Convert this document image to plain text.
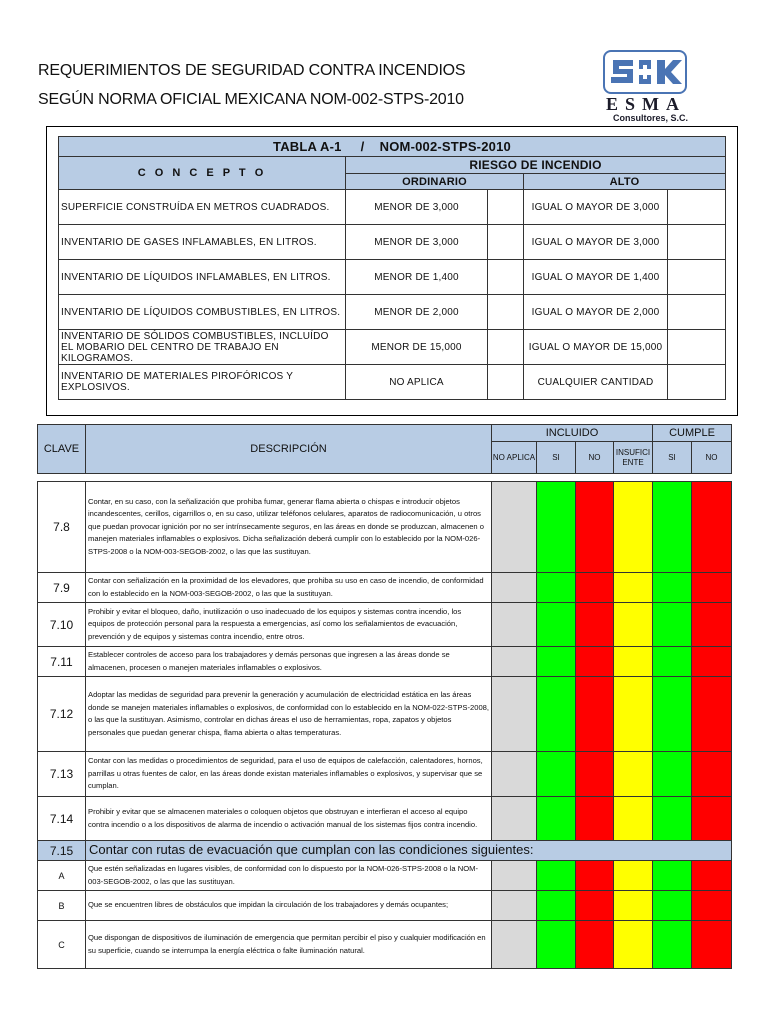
REQUERIMIENTOS DE SEGURIDAD CONTRA INCENDIOS
SEGÚN NORMA OFICIAL MEXICANA NOM-002-STPS-2010	ESMA
Consultores, S.C.
TABLA A-1 / NOM-002-STPS-2010				
C O N C E P T O	RIESGO DE INCENDIO			
	ORDINARIO		ALTO	
SUPERFICIE CONSTRUÍDA EN METROS CUADRADOS.	MENOR DE 3,000		IGUAL O MAYOR DE 3,000	
INVENTARIO DE GASES INFLAMABLES, EN LITROS.	MENOR DE 3,000		IGUAL O MAYOR DE 3,000	
INVENTARIO DE LÍQUIDOS INFLAMABLES, EN LITROS.	MENOR DE 1,400		IGUAL O MAYOR DE 1,400	
INVENTARIO DE LÍQUIDOS COMBUSTIBLES, EN LITROS.	MENOR DE 2,000		IGUAL O MAYOR DE 2,000	
INVENTARIO DE SÓLIDOS COMBUSTIBLES, INCLUÍDO EL MOBARIO DEL CENTRO DE TRABAJO EN KILOGRAMOS.	MENOR DE 15,000		IGUAL O MAYOR DE 15,000	
INVENTARIO DE MATERIALES PIROFÓRICOS Y EXPLOSIVOS.	NO APLICA		CUALQUIER CANTIDAD	
CLAVE	DESCRIPCIÓN	INCLUIDO				CUMPLE	
		NO APLICA	SI	NO	INSUFICI ENTE	SI	NO

7.8	Contar, en su caso, con la señalización que prohiba fumar, generar flama abierta o chispas e introducir objetos incandescentes, cerillos, cigarrillos o, en su caso, utilizar teléfonos celulares, aparatos de radiocomunicación, u otros que puedan provocar ignición por no ser intrínsecamente seguros, en las áreas en donde se produzcan, almacenen o manejen materiales inflamables o explosivos. Dicha señalización deberá cumplir con lo establecido por la NOM-026-STPS-2008 o la NOM-003-SEGOB-2002, o las que las sustituyan.						
7.9	Contar con señalización en la proximidad de los elevadores, que prohiba su uso en caso de incendio, de conformidad con lo establecido en la NOM-003-SEGOB-2002, o las que la sustituyan.						
7.10	Prohibir y evitar el bloqueo, daño, inutilización o uso inadecuado de los equipos y sistemas contra incendio, los equipos de protección personal para la respuesta a emergencias, así como los señalamientos de evacuación, prevención y de equipos y sistemas contra incendio, entre otros.						
7.11	Establecer controles de acceso para los trabajadores y demás personas que ingresen a las áreas donde se almacenen, procesen o manejen materiales inflamables o explosivos.						
7.12	Adoptar las medidas de seguridad para prevenir la generación y acumulación de electricidad estática en las áreas donde se manejen materiales inflamables o explosivos, de conformidad con lo establecido en la NOM-022-STPS-2008, o las que la sustituyan. Asimismo, controlar en dichas áreas el uso de herramientas, ropa, zapatos y objetos personales que puedan generar chispa, flama abierta o altas temperaturas.						
7.13	Contar con las medidas o procedimientos de seguridad, para el uso de equipos de calefacción, calentadores, hornos, parrillas u otras fuentes de calor, en las áreas donde existan materiales inflamables o explosivos, y supervisar que se cumplan.						
7.14	Prohibir y evitar que se almacenen materiales o coloquen objetos que obstruyan e interfieran el acceso al equipo contra incendio o a los dispositivos de alarma de incendio o activación manual de los sistemas fijos contra incendio.						
7.15	Contar con rutas de evacuación que cumplan con las condiciones siguientes:						
A	Que estén señalizadas en lugares visibles, de conformidad con lo dispuesto por la NOM-026-STPS-2008 o la NOM-003-SEGOB-2002, o las que las sustituyan.						
B	Que se encuentren libres de obstáculos que impidan la circulación de los trabajadores y demás ocupantes;						
C	Que dispongan de dispositivos de iluminación de emergencia que permitan percibir el piso y cualquier modificación en su superficie, cuando se interrumpa la energía eléctrica o falte iluminación natural.						
